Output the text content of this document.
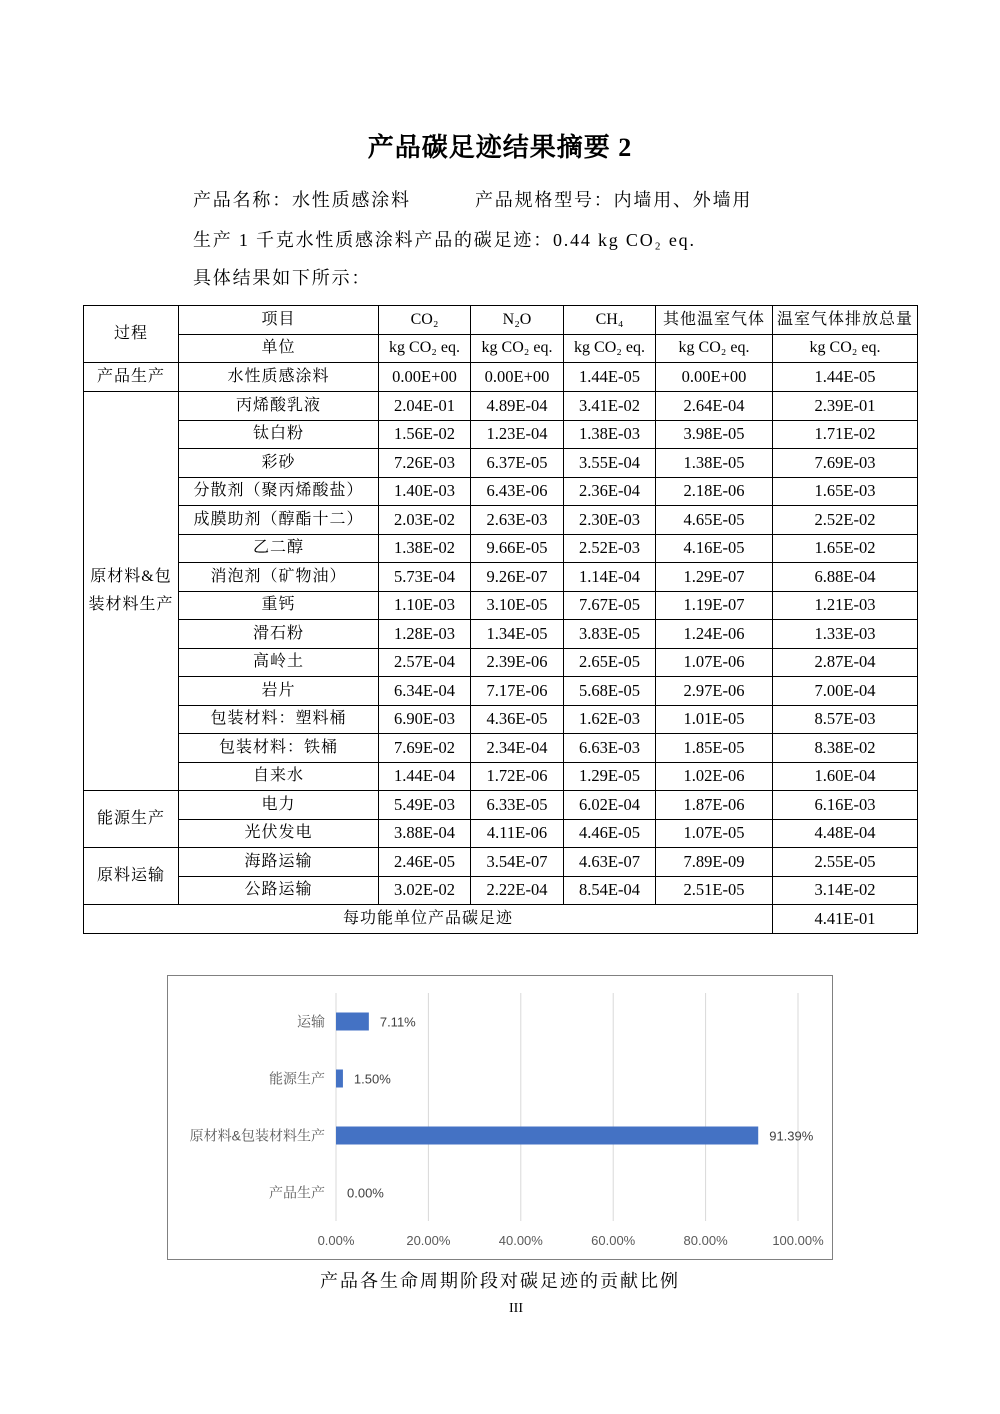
产品碳足迹结果摘要 2
产品名称：水性质感涂料	产品规格型号：内墙用、外墙用
生产 1 千克水性质感涂料产品的碳足迹：0.44 kg CO₂ eq.
具体结果如下所示：
过程	项目	CO₂	N₂O	CH₄	其他温室气体	温室气体排放总量
	单位	kg CO₂ eq.	kg CO₂ eq.	kg CO₂ eq.	kg CO₂ eq.	kg CO₂ eq.
产品生产	水性质感涂料	0.00E+00	0.00E+00	1.44E-05	0.00E+00	1.44E-05
原材料&包装材料生产	丙烯酸乳液	2.04E-01	4.89E-04	3.41E-02	2.64E-04	2.39E-01
	钛白粉	1.56E-02	1.23E-04	1.38E-03	3.98E-05	1.71E-02
	彩砂	7.26E-03	6.37E-05	3.55E-04	1.38E-05	7.69E-03
	分散剂（聚丙烯酸盐）	1.40E-03	6.43E-06	2.36E-04	2.18E-06	1.65E-03
	成膜助剂（醇酯十二）	2.03E-02	2.63E-03	2.30E-03	4.65E-05	2.52E-02
	乙二醇	1.38E-02	9.66E-05	2.52E-03	4.16E-05	1.65E-02
	消泡剂（矿物油）	5.73E-04	9.26E-07	1.14E-04	1.29E-07	6.88E-04
	重钙	1.10E-03	3.10E-05	7.67E-05	1.19E-07	1.21E-03
	滑石粉	1.28E-03	1.34E-05	3.83E-05	1.24E-06	1.33E-03
	高岭土	2.57E-04	2.39E-06	2.65E-05	1.07E-06	2.87E-04
	岩片	6.34E-04	7.17E-06	5.68E-05	2.97E-06	7.00E-04
	包装材料：塑料桶	6.90E-03	4.36E-05	1.62E-03	1.01E-05	8.57E-03
	包装材料：铁桶	7.69E-02	2.34E-04	6.63E-03	1.85E-05	8.38E-02
	自来水	1.44E-04	1.72E-06	1.29E-05	1.02E-06	1.60E-04
能源生产	电力	5.49E-03	6.33E-05	6.02E-04	1.87E-06	6.16E-03
	光伏发电	3.88E-04	4.11E-06	4.46E-05	1.07E-05	4.48E-04
原料运输	海路运输	2.46E-05	3.54E-07	4.63E-07	7.89E-09	2.55E-05
	公路运输	3.02E-02	2.22E-04	8.54E-04	2.51E-05	3.14E-02
每功能单位产品碳足迹						4.41E-01
0.00%	20.00%	40.00%	60.00%	80.00%	100.00%
运输	7.11%
能源生产 1.50%
原材料&包装材料生产	91.39%
产品生产 0.00%
产品各生命周期阶段对碳足迹的贡献比例
III
